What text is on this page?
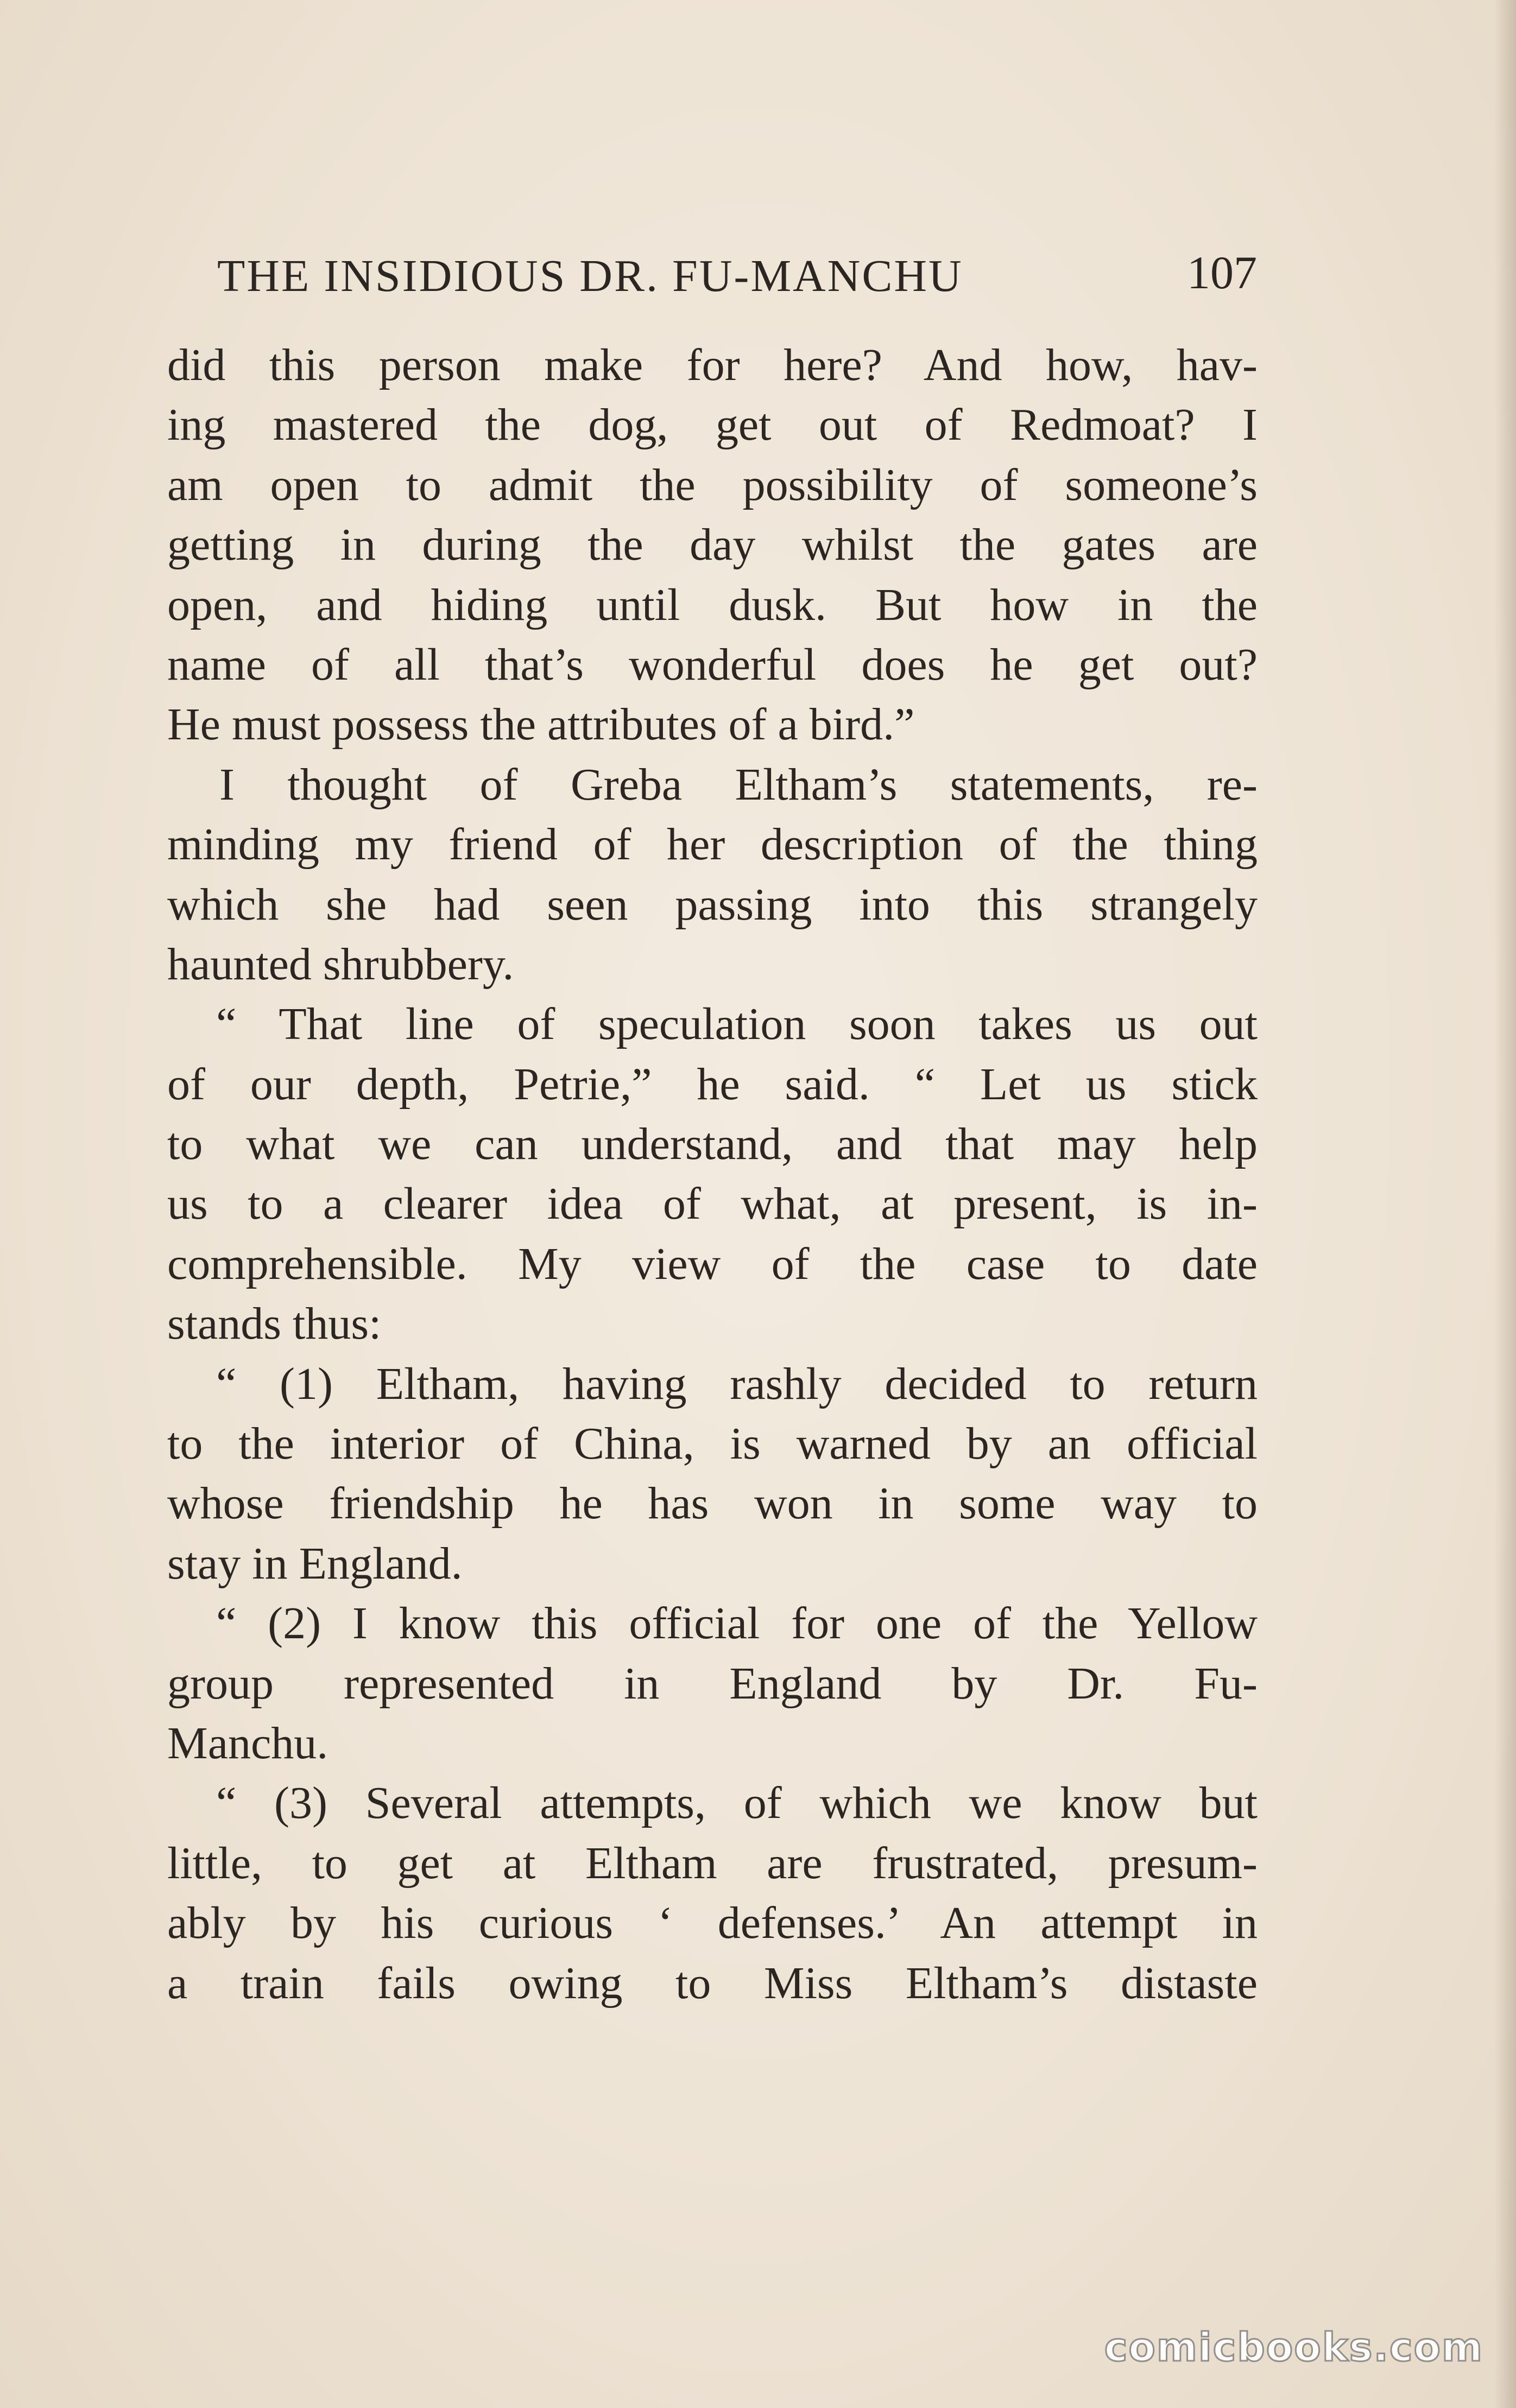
THE INSIDIOUS DR. FU-MANCHU	107
did this person make for here? And how, hav-
ing mastered the dog, get out of Redmoat? I
am open to admit the possibility of someone’s
getting in during the day whilst the gates are
open, and hiding until dusk. But how in the
name of all that’s wonderful does he get out?
He must possess the attributes of a bird.”
I thought of Greba Eltham’s statements, re-
minding my friend of her description of the thing
which she had seen passing into this strangely
haunted shrubbery.
“ That line of speculation soon takes us out
of our depth, Petrie,” he said. “ Let us stick
to what we can understand, and that may help
us to a clearer idea of what, at present, is in-
comprehensible. My view of the case to date
stands thus:
“ (1) Eltham, having rashly decided to return
to the interior of China, is warned by an official
whose friendship he has won in some way to
stay in England.
“ (2) I know this official for one of the Yellow
group represented in England by Dr. Fu-
Manchu.
“ (3) Several attempts, of which we know but
little, to get at Eltham are frustrated, presum-
ably by his curious ‘ defenses.’ An attempt in
a train fails owing to Miss Eltham’s distaste
comicbooks.com
